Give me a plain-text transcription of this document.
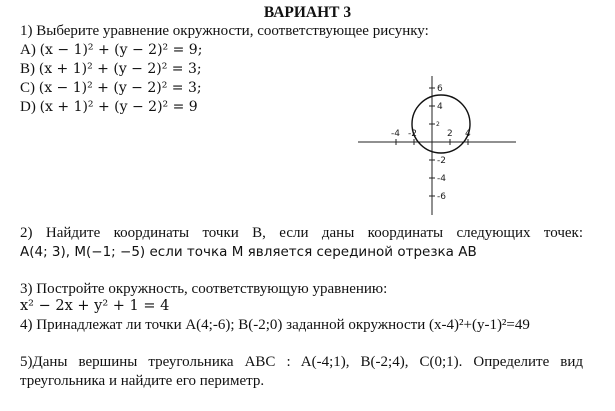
ВАРИАНТ 3
1) Выберите уравнение окружности, соответствующее рисунку:
A) (x − 1)² + (y − 2)² = 9;
B) (x + 1)² + (y − 2)² = 3;
C) (x − 1)² + (y − 2)² = 3;
D) (x + 1)² + (y − 2)² = 9
-4 -2	2 4
6
4
2
-2
-4
-6
2) Найдите координаты точки B, если даны координаты следующих точек:
A(4; 3), M(−1; −5) если точка M является серединой отрезка AB
3) Постройте окружность, соответствующую уравнению:
x² − 2x + y² + 1 = 4
4) Принадлежат ли точки A(4;-6); B(-2;0) заданной окружности (x-4)²+(y-1)²=49
5)Даны вершины треугольника ABC : A(-4;1), B(-2;4), C(0;1). Определите вид
треугольника и найдите его периметр.
